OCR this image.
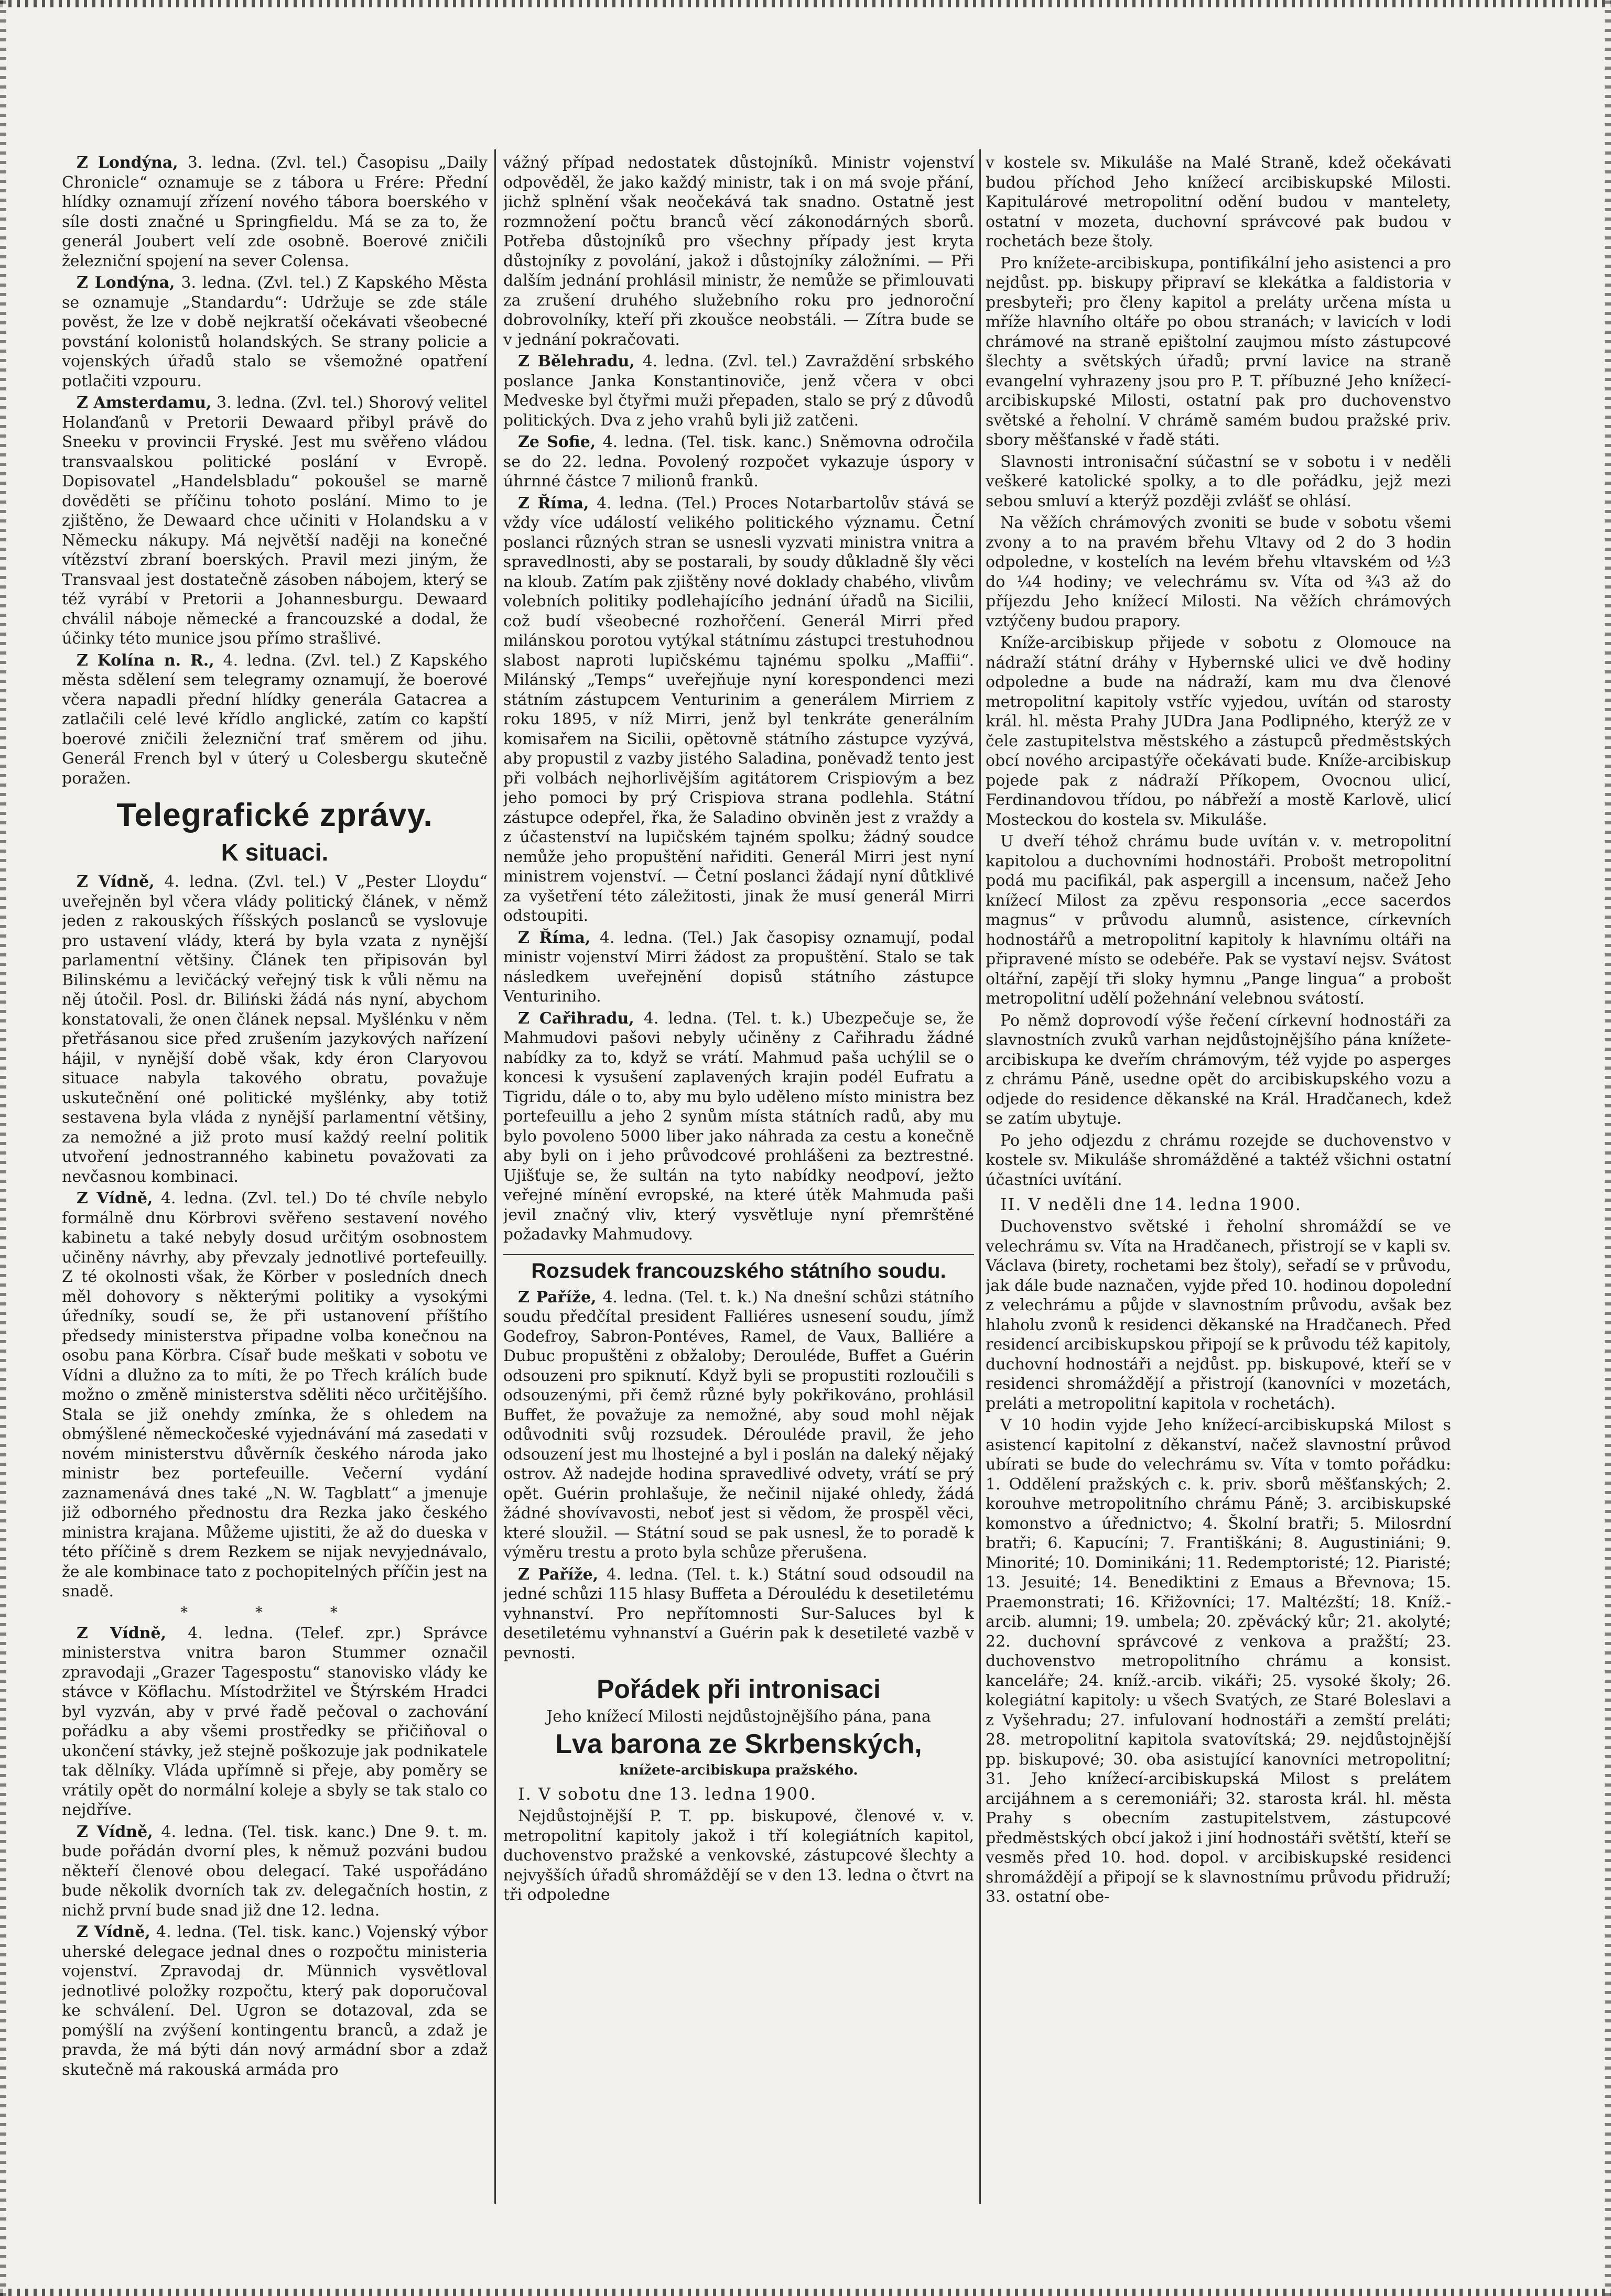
Z Londýna, 3. ledna. (Zvl. tel.) Časopisu „Daily Chronicle“ oznamuje se z tábora u Frére: Přední hlídky oznamují zřízení nového tábora boerského v síle dosti značné u Springfieldu. Má se za to, že generál Joubert velí zde osobně. Boerové zničili železniční spojení na sever Colensa.

Z Londýna, 3. ledna. (Zvl. tel.) Z Kapského Města se oznamuje „Standardu“: Udržuje se zde stále pověst, že lze v době nejkratší očekávati všeobecné povstání kolonistů holandských. Se strany policie a vojenských úřadů stalo se všemožné opatření potlačiti vzpouru.

Z Amsterdamu, 3. ledna. (Zvl. tel.) Shorový velitel Holanďanů v Pretorii Dewaard přibyl právě do Sneeku v provincii Fryské. Jest mu svěřeno vládou transvaalskou politické poslání v Evropě. Dopisovatel „Handelsbladu“ pokoušel se marně dověděti se příčinu tohoto poslání. Mimo to je zjištěno, že Dewaard chce učiniti v Holandsku a v Německu nákupy. Má největší naději na konečné vítězství zbraní boerských. Pravil mezi jiným, že Transvaal jest dostatečně zásoben nábojem, který se též vyrábí v Pretorii a Johannesburgu. Dewaard chválil náboje německé a francouzské a dodal, že účinky této munice jsou přímo strašlivé.

Z Kolína n. R., 4. ledna. (Zvl. tel.) Z Kapského města sdělení sem telegramy oznamují, že boerové včera napadli přední hlídky generála Gatacrea a zatlačili celé levé křídlo anglické, zatím co kapští boerové zničili železniční trať směrem od jihu. Generál French byl v úterý u Colesbergu skutečně poražen.

Telegrafické zprávy.
K situaci.

Z Vídně, 4. ledna. (Zvl. tel.) V „Pester Lloydu“ uveřejněn byl včera vlády politický článek, v němž jeden z rakouských říšských poslanců se vyslovuje pro ustavení vlády, která by byla vzata z nynější parlamentní většiny. Článek ten připisován byl Bilinskému a levičácký veřejný tisk k vůli němu na něj útočil. Posl. dr. Biliński žádá nás nyní, abychom konstatovali, že onen článek nepsal. Myšlénku v něm přetřásanou sice před zrušením jazykových nařízení hájil, v nynější době však, kdy éron Claryovou situace nabyla takového obratu, považuje uskutečnění oné politické myšlénky, aby totiž sestavena byla vláda z nynější parlamentní většiny, za nemožné a již proto musí každý reelní politik utvoření jednostranného kabinetu považovati za nevčasnou kombinaci.

Z Vídně, 4. ledna. (Zvl. tel.) Do té chvíle nebylo formálně dnu Körbrovi svěřeno sestavení nového kabinetu a také nebyly dosud určitým osobnostem učiněny návrhy, aby převzaly jednotlivé portefeuilly. Z té okolnosti však, že Körber v posledních dnech měl dohovory s některými politiky a vysokými úředníky, soudí se, že při ustanovení příštího předsedy ministerstva připadne volba konečnou na osobu pana Körbra. Císař bude meškati v sobotu ve Vídni a dlužno za to míti, že po Třech králích bude možno o změně ministerstva sděliti něco určitějšího. Stala se již onehdy zmínka, že s ohledem na obmýšlené německočeské vyjednávání má zasedati v novém ministerstvu důvěrník českého národa jako ministr bez portefeuille. Večerní vydání zaznamenává dnes také „N. W. Tagblatt“ a jmenuje již odborného přednostu dra Rezka jako českého ministra krajana. Můžeme ujistiti, že až do dueska v této příčině s drem Rezkem se nijak nevyjednávalo, že ale kombinace tato z pochopitelných příčin jest na snadě.

* * *

Z Vídně, 4. ledna. (Telef. zpr.) Správce ministerstva vnitra baron Stummer označil zpravodaji „Grazer Tagespostu“ stanovisko vlády ke stávce v Köflachu. Místodržitel ve Štýrském Hradci byl vyzván, aby v prvé řadě pečoval o zachování pořádku a aby všemi prostředky se přičiňoval o ukončení stávky, jež stejně poškozuje jak podnikatele tak dělníky. Vláda upřímně si přeje, aby poměry se vrátily opět do normální koleje a sbyly se tak stalo co nejdříve.

Z Vídně, 4. ledna. (Tel. tisk. kanc.) Dne 9. t. m. bude pořádán dvorní ples, k němuž pozváni budou někteří členové obou delegací. Také uspořádáno bude několik dvorních tak zv. delegačních hostin, z nichž první bude snad již dne 12. ledna.

Z Vídně, 4. ledna. (Tel. tisk. kanc.) Vojenský výbor uherské delegace jednal dnes o rozpočtu ministeria vojenství. Zpravodaj dr. Münnich vysvětloval jednotlivé položky rozpočtu, který pak doporučoval ke schválení. Del. Ugron se dotazoval, zda se pomýšlí na zvýšení kontingentu branců, a zdaž je pravda, že má býti dán nový armádní sbor a zdaž skutečně má rakouská armáda pro

vážný případ nedostatek důstojníků. Ministr vojenství odpověděl, že jako každý ministr, tak i on má svoje přání, jichž splnění však neočekává tak snadno. Ostatně jest rozmnožení počtu branců věcí zákonodárných sborů. Potřeba důstojníků pro všechny případy jest kryta důstojníky z povolání, jakož i důstojníky záložními. — Při dalším jednání prohlásil ministr, že nemůže se přimlouvati za zrušení druhého služebního roku pro jednoroční dobrovolníky, kteří při zkoušce neobstáli. — Zítra bude se v jednání pokračovati.

Z Bělehradu, 4. ledna. (Zvl. tel.) Zavraždění srbského poslance Janka Konstantinoviče, jenž včera v obci Medveske byl čtyřmi muži přepaden, stalo se prý z důvodů politických. Dva z jeho vrahů byli již zatčeni.

Ze Sofie, 4. ledna. (Tel. tisk. kanc.) Sněmovna odročila se do 22. ledna. Povolený rozpočet vykazuje úspory v úhrnné částce 7 milionů franků.

Z Říma, 4. ledna. (Tel.) Proces Notarbartolův stává se vždy více událostí velikého politického významu. Četní poslanci různých stran se usnesli vyzvati ministra vnitra a spravedlnosti, aby se postarali, by soudy důkladně šly věci na kloub. Zatím pak zjištěny nové doklady chabého, vlivům volebních politiky podlehajícího jednání úřadů na Sicilii, což budí všeobecné rozhořčení. Generál Mirri před milánskou porotou vytýkal státnímu zástupci trestuhodnou slabost naproti lupičskému tajnému spolku „Maffii“. Milánský „Temps“ uveřejňuje nyní korespondenci mezi státním zástupcem Venturinim a generálem Mirriem z roku 1895, v níž Mirri, jenž byl tenkráte generálním komisařem na Sicilii, opětovně státního zástupce vyzývá, aby propustil z vazby jistého Saladina, poněvadž tento jest při volbách nejhorlivějším agitátorem Crispiovým a bez jeho pomoci by prý Crispiova strana podlehla. Státní zástupce odepřel, řka, že Saladino obviněn jest z vraždy a z účastenství na lupičském tajném spolku; žádný soudce nemůže jeho propuštění nařiditi. Generál Mirri jest nyní ministrem vojenství. — Četní poslanci žádají nyní důtklivé za vyšetření této záležitosti, jinak že musí generál Mirri odstoupiti.

Z Říma, 4. ledna. (Tel.) Jak časopisy oznamují, podal ministr vojenství Mirri žádost za propuštění. Stalo se tak následkem uveřejnění dopisů státního zástupce Venturiniho.

Z Cařihradu, 4. ledna. (Tel. t. k.) Ubezpečuje se, že Mahmudovi pašovi nebyly učiněny z Cařihradu žádné nabídky za to, když se vrátí. Mahmud paša uchýlil se o koncesi k vysušení zaplavených krajin podél Eufratu a Tigridu, dále o to, aby mu bylo uděleno místo ministra bez portefeuillu a jeho 2 synům místa státních radů, aby mu bylo povoleno 5000 liber jako náhrada za cestu a konečně aby byli on i jeho průvodcové prohlášeni za beztrestné. Ujišťuje se, že sultán na tyto nabídky neodpoví, ježto veřejné mínění evropské, na které útěk Mahmuda paši jevil značný vliv, který vysvětluje nyní přemrštěné požadavky Mahmudovy.

Rozsudek francouzského státního soudu.

Z Paříže, 4. ledna. (Tel. t. k.) Na dnešní schůzi státního soudu předčítal president Falliéres usnesení soudu, jímž Godefroy, Sabron-Pontéves, Ramel, de Vaux, Balliére a Dubuc propuštěni z obžaloby; Derouléde, Buffet a Guérin odsouzeni pro spiknutí. Když byli se propustiti rozloučili s odsouzenými, při čemž různé byly pokřikováno, prohlásil Buffet, že považuje za nemožné, aby soud mohl nějak odůvodniti svůj rozsudek. Dérouléde pravil, že jeho odsouzení jest mu lhostejné a byl i poslán na daleký nějaký ostrov. Až nadejde hodina spravedlivé odvety, vrátí se prý opět. Guérin prohlašuje, že nečinil nijaké ohledy, žádá žádné shovívavosti, neboť jest si vědom, že prospěl věci, které sloužil. — Státní soud se pak usnesl, že to poradě k výměru trestu a proto byla schůze přerušena.

Z Paříže, 4. ledna. (Tel. t. k.) Státní soud odsoudil na jedné schůzi 115 hlasy Buffeta a Déroulédu k desetiletému vyhnanství. Pro nepřítomnosti Sur-Saluces byl k desetiletému vyhnanství a Guérin pak k desetileté vazbě v pevnosti.

Pořádek při intronisaci

Jeho knížecí Milosti nejdůstojnějšího pána, pana

Lva barona ze Skrbenských,

knížete-arcibiskupa pražského.

I. V sobotu dne 13. ledna 1900.

Nejdůstojnější P. T. pp. biskupové, členové v. v. metropolitní kapitoly jakož i tří kolegiátních kapitol, duchovenstvo pražské a venkovské, zástupcové šlechty a nejvyšších úřadů shromáždějí se v den 13. ledna o čtvrt na tři odpoledne

v kostele sv. Mikuláše na Malé Straně, kdež očekávati budou příchod Jeho knížecí arcibiskupské Milosti. Kapitulárové metropolitní odění budou v mantelety, ostatní v mozeta, duchovní správcové pak budou v rochetách beze štoly.

Pro knížete-arcibiskupa, pontifikální jeho asistenci a pro nejdůst. pp. biskupy připraví se klekátka a faldistoria v presbyteři; pro členy kapitol a preláty určena místa u mříže hlavního oltáře po obou stranách; v lavicích v lodi chrámové na straně epištolní zaujmou místo zástupcové šlechty a světských úřadů; první lavice na straně evangelní vyhrazeny jsou pro P. T. příbuzné Jeho knížecí-arcibiskupské Milosti, ostatní pak pro duchovenstvo světské a řeholní. V chrámě samém budou pražské priv. sbory měšťanské v řadě státi.

Slavnosti intronisační súčastní se v sobotu i v neděli veškeré katolické spolky, a to dle pořádku, jejž mezi sebou smluví a kterýž později zvlášť se ohlásí.

Na věžích chrámových zvoniti se bude v sobotu všemi zvony a to na pravém břehu Vltavy od 2 do 3 hodin odpoledne, v kostelích na levém břehu vltavském od ½3 do ¼4 hodiny; ve velechrámu sv. Víta od ¾3 až do příjezdu Jeho knížecí Milosti. Na věžích chrámových vztýčeny budou prapory.

Kníže-arcibiskup přijede v sobotu z Olomouce na nádraží státní dráhy v Hybernské ulici ve dvě hodiny odpoledne a bude na nádraží, kam mu dva členové metropolitní kapitoly vstříc vyjedou, uvítán od starosty král. hl. města Prahy JUDra Jana Podlipného, kterýž ze v čele zastupitelstva městského a zástupců předměstských obcí nového arcipastýře očekávati bude. Kníže-arcibiskup pojede pak z nádraží Příkopem, Ovocnou ulicí, Ferdinandovou třídou, po nábřeží a mostě Karlově, ulicí Mosteckou do kostela sv. Mikuláše.

U dveří téhož chrámu bude uvítán v. v. metropolitní kapitolou a duchovními hodnostáři. Probošt metropolitní podá mu pacifikál, pak aspergill a incensum, načež Jeho knížecí Milost za zpěvu responsoria „ecce sacerdos magnus“ v průvodu alumnů, asistence, církevních hodnostářů a metropolitní kapitoly k hlavnímu oltáři na připravené místo se odebéře. Pak se vystaví nejsv. Svátost oltářní, zapějí tři sloky hymnu „Pange lingua“ a probošt metropolitní udělí požehnání velebnou svátostí.

Po němž doprovodí výše řečení církevní hodnostáři za slavnostních zvuků varhan nejdůstojnějšího pána knížete-arcibiskupa ke dveřím chrámovým, též vyjde po asperges z chrámu Páně, usedne opět do arcibiskupského vozu a odjede do residence děkanské na Král. Hradčanech, kdež se zatím ubytuje.

Po jeho odjezdu z chrámu rozejde se duchovenstvo v kostele sv. Mikuláše shromážděné a taktéž všichni ostatní účastníci uvítání.

II. V neděli dne 14. ledna 1900.

Duchovenstvo světské i řeholní shromáždí se ve velechrámu sv. Víta na Hradčanech, přistrojí se v kapli sv. Václava (birety, rochetami bez štoly), seřadí se v průvodu, jak dále bude naznačen, vyjde před 10. hodinou dopolední z velechrámu a půjde v slavnostním průvodu, avšak bez hlaholu zvonů k residenci děkanské na Hradčanech. Před residencí arcibiskupskou připojí se k průvodu též kapitoly, duchovní hodnostáři a nejdůst. pp. biskupové, kteří se v residenci shromáždějí a přistrojí (kanovníci v mozetách, preláti a metropolitní kapitola v rochetách).

V 10 hodin vyjde Jeho knížecí-arcibiskupská Milost s asistencí kapitolní z děkanství, načež slavnostní průvod ubírati se bude do velechrámu sv. Víta v tomto pořádku: 1. Oddělení pražských c. k. priv. sborů měšťanských; 2. korouhve metropolitního chrámu Páně; 3. arcibiskupské komonstvo a úřednictvo; 4. Školní bratři; 5. Milosrdní bratři; 6. Kapucíni; 7. Františkáni; 8. Augustiniáni; 9. Minorité; 10. Dominikáni; 11. Redemptoristé; 12. Piaristé; 13. Jesuité; 14. Benediktini z Emaus a Břevnova; 15. Praemonstrati; 16. Křižovníci; 17. Maltézští; 18. Kníž.-arcib. alumni; 19. umbela; 20. zpěvácký kůr; 21. akolyté; 22. duchovní správcové z venkova a pražští; 23. duchovenstvo metropolitního chrámu a konsist. kanceláře; 24. kníž.-arcib. vikáři; 25. vysoké školy; 26. kolegiátní kapitoly: u všech Svatých, ze Staré Boleslavi a z Vyšehradu; 27. infulovaní hodnostáři a zemští preláti; 28. metropolitní kapitola svatovítská; 29. nejdůstojnější pp. biskupové; 30. oba asistující kanovníci metropolitní; 31. Jeho knížecí-arcibiskupská Milost s prelátem arcijáhnem a s ceremoniáři; 32. starosta král. hl. města Prahy s obecním zastupitelstvem, zástupcové předměstských obcí jakož i jiní hodnostáři světští, kteří se vesměs před 10. hod. dopol. v arcibiskupské residenci shromáždějí a připojí se k slavnostnímu průvodu přidruží; 33. ostatní obe-
